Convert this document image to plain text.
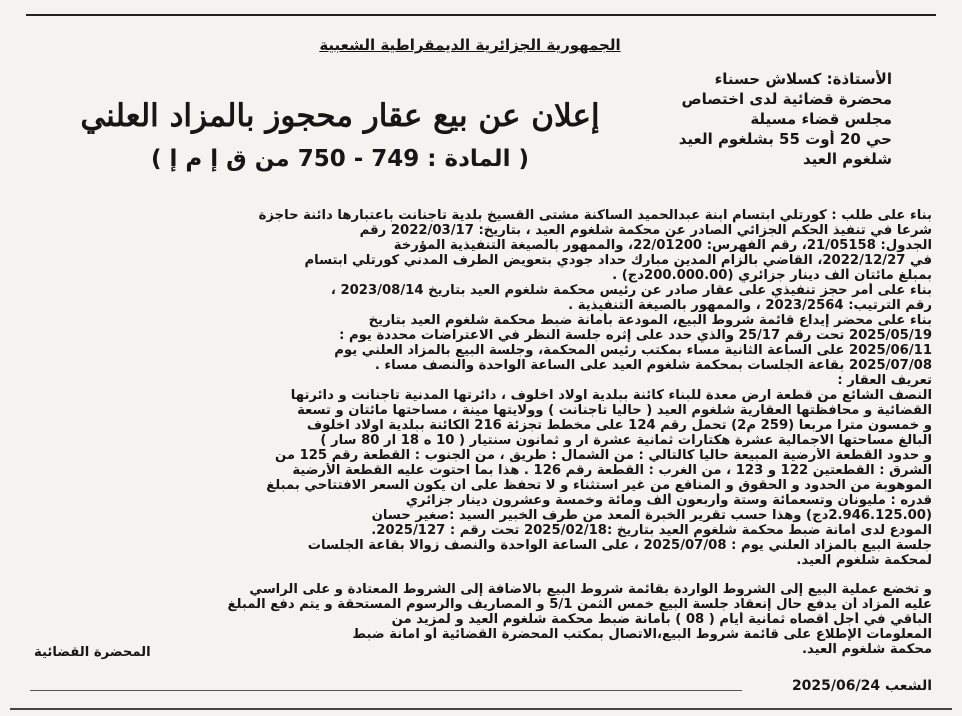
الجمهورية الجزائرية الديمقراطية الشعبية
الأستاذة: كسلاش حسناء
محضرة قضائية لدى اختصاص
مجلس قضاء مسيلة
حي 20 أوت 55 بشلغوم العيد
شلغوم العيد
إعلان عن بيع عقار محجوز بالمزاد العلني
( المادة : 749 - 750 من ق إ م إ )
بناء على طلب : كورتلي ابتسام ابنة عبدالحميد الساكنة مشتى القسيخ بلدية تاجنانت باعتبارها دائنة حاجزة
شرعا في تنفيذ الحكم الجزائي الصادر عن محكمة شلغوم العيد ، بتاريخ: 2022/03/17 رقم
الجدول: 21/05158، رقم الفهرس: 22/01200، والممهور بالصيغة التنفيذية المؤرخة
في 2022/12/27، القاضي بالزام المدين مبارك حداد جودي بتعويض الطرف المدني كورتلي ابتسام
بمبلغ مائتان ألف دينار جزائري (200.000.00دج) .
بناء على أمر حجز تنفيذي على عقار صادر عن رئيس محكمة شلغوم العيد بتاريخ 2023/08/14 ،
رقم الترتيب: 2023/2564 ، والممهور بالصيغة التنفيذية .
بناء على محضر إيداع قائمة شروط البيع، المودعة بأمانة ضبط محكمة شلغوم العيد بتاريخ
2025/05/19 تحت رقم 25/17 والذي حدد على إثره جلسة النظر في الاعتراضات محددة يوم :
2025/06/11 على الساعة الثانية مساء بمكتب رئيس المحكمة، وجلسة البيع بالمزاد العلني يوم
2025/07/08 بقاعة الجلسات بمحكمة شلغوم العيد على الساعة الواحدة والنصف مساء .
تعريف العقار :
النصف الشائع من قطعة ارض معدة للبناء كائنة ببلدية اولاد اخلوف ، دائرتها المدنية تاجنانت و دائرتها
القضائية و محافظتها العقارية شلغوم العيد ( حاليا تاجنانت ) وولايتها مينة ، مساحتها مائتان و تسعة
و خمسون مترا مربعا (259 م2) تحمل رقم 124 على مخطط تجزئة 216 الكائنة ببلدية اولاد اخلوف
البالغ مساحتها الاجمالية عشرة هكتارات ثمانية عشرة آر و ثمانون سنتيار ( 10 ه 18 آر 80 سار )
و حدود القطعة الأرضية المبيعة حاليا كالتالي : من الشمال : طريق ، من الجنوب : القطعة رقم 125 من
الشرق : القطعتين 122 و 123 ، من الغرب : القطعة رقم 126 . هذا بما احتوت عليه القطعة الأرضية
الموهوبة من الحدود و الحقوق و المنافع من غير استثناء و لا تحفظ على أن يكون السعر الافتتاحي بمبلغ
قدره : مليونان وتسعمائة وستة وأربعون ألف ومائة وخمسة وعشرون دينار جزائري
(2.946.125.00دج) وهذا حسب تقرير الخبرة المعد من طرف الخبير السيد :صغير حسان
المودع لدى أمانة ضبط محكمة شلغوم العيد بتاريخ :2025/02/18 تحت رقم : 2025/127.
جلسة البيع بالمزاد العلني يوم : 2025/07/08 ، على الساعة الواحدة والنصف زوالا بقاعة الجلسات
لمحكمة شلغوم العيد.
و تخضع عملية البيع إلى الشروط الواردة بقائمة شروط البيع بالاضافة إلى الشروط المعتادة و على الراسي
عليه المزاد أن يدفع حال إنعقاد جلسة البيع خمس الثمن 5/1 و المصاريف والرسوم المستحقة و يتم دفع المبلغ
الباقي في أجل أقصاه ثمانية أيام ( 08 ) بأمانة ضبط محكمة شلغوم العيد و لمزيد من
المعلومات الإطلاع على قائمة شروط البيع،الاتصال بمكتب المحضرة القضائية أو امانة ضبط
محكمة شلغوم العيد.
المحضرة القضائية
الشعب 2025/06/24
